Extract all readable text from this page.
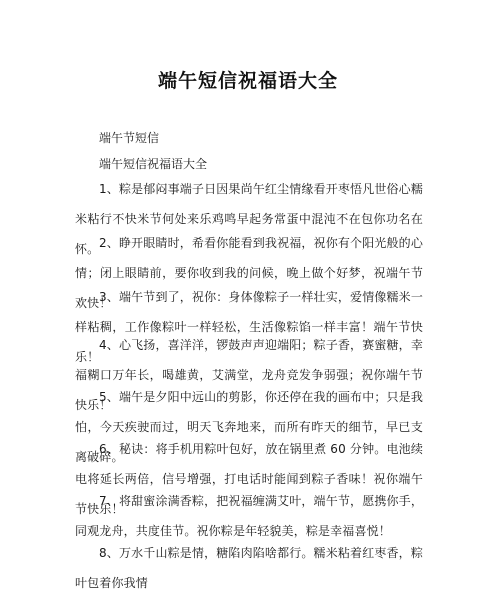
端午短信祝福语大全
端午节短信
端午短信祝福语大全
1、粽是郁闷事端子日因果尚午红尘情缘看开枣悟凡世俗心糯米粘行不快米节何处来乐鸡鸣早起务常蛋中混沌不在包你功名在怀。 2、睁开眼睛时，希看你能看到我祝福，祝你有个阳光般的心情；闭上眼睛前，要你收到我的问候，晚上做个好梦，祝端午节欢快！
3、端午节到了，祝你：身体像粽子一样壮实，爱情像糯米一样粘稠，工作像粽叶一样轻松，生活像粽馅一样丰富！端午节快乐！
4、心飞扬，喜洋洋，锣鼓声声迎端阳；粽子香，赛蜜糖，幸福糊口万年长，喝雄黄，艾满堂，龙舟竞发争弱强；祝你端午节快乐！
5、端午是夕阳中远山的剪影，你还停在我的画布中；只是我怕，今天疾驶而过，明天飞奔地来，而所有昨天的细节，早已支离破碎。
6、秘诀：将手机用粽叶包好，放在锅里煮 60 分钟。电池续电将延长两倍，信号增强，打电话时能闻到粽子香味！祝你端午节快乐！
7、将甜蜜涂满香粽，把祝福缠满艾叶，端午节，愿携你手，同观龙舟，共度佳节。祝你粽是年轻貌美，粽是幸福喜悦！
8、万水千山粽是情，糖陷肉陷啥都行。糯米粘着红枣香，粽叶包着你我情
